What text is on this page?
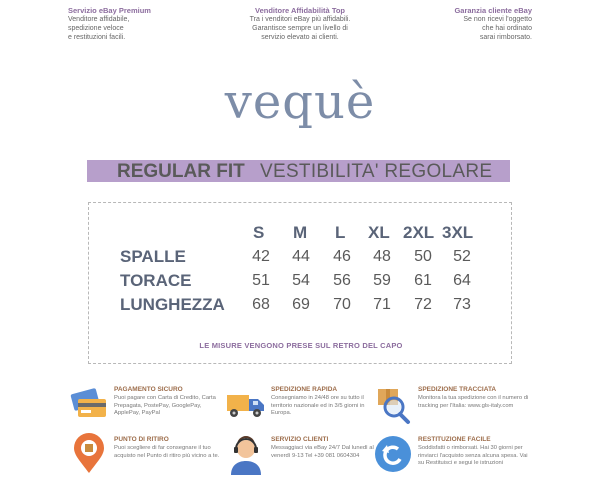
Servizio eBay Premium
Venditore affidabile,
spedizione veloce
e restituzioni facili.
Venditore Affidabilità Top
Tra i venditori eBay più affidabili.
Garantisce sempre un livello di
servizio elevato ai clienti.
Garanzia cliente eBay
Se non ricevi l'oggetto
che hai ordinato
sarai rimborsato.
vequè
REGULAR FIT VESTIBILITA' REGOLARE
S M L XL 2XL 3XL
SPALLE	42	44	46	48	50	52
TORACE	51	54	56	59	61	64
LUNGHEZZA	68	69	70	71	72	73
LE MISURE VENGONO PRESE SUL RETRO DEL CAPO
PAGAMENTO SICURO
Puoi pagare con Carta di Credito, Carta Prepagata, PostePay, GooglePay, ApplePay, PayPal
SPEDIZIONE RAPIDA
Consegniamo in 24/48 ore su tutto il territorio nazionale ed in 3/5 giorni in Europa.
SPEDIZIONE TRACCIATA
Monitora la tua spedizione con il numero di tracking per l'Italia: www.gls-italy.com
PUNTO DI RITIRO
Puoi scegliere di far consegnare il tuo acquisto nel Punto di ritiro più vicino a te.
SERVIZIO CLIENTI
Messaggiaci via eBay 24/7 Dal lunedì al venerdì 9-13 Tel +39 081 0604304
RESTITUZIONE FACILE
Soddisfatti o rimborsati. Hai 30 giorni per rinviarci l'acquisto senza alcuna spesa. Vai su Restituisci e segui le istruzioni
